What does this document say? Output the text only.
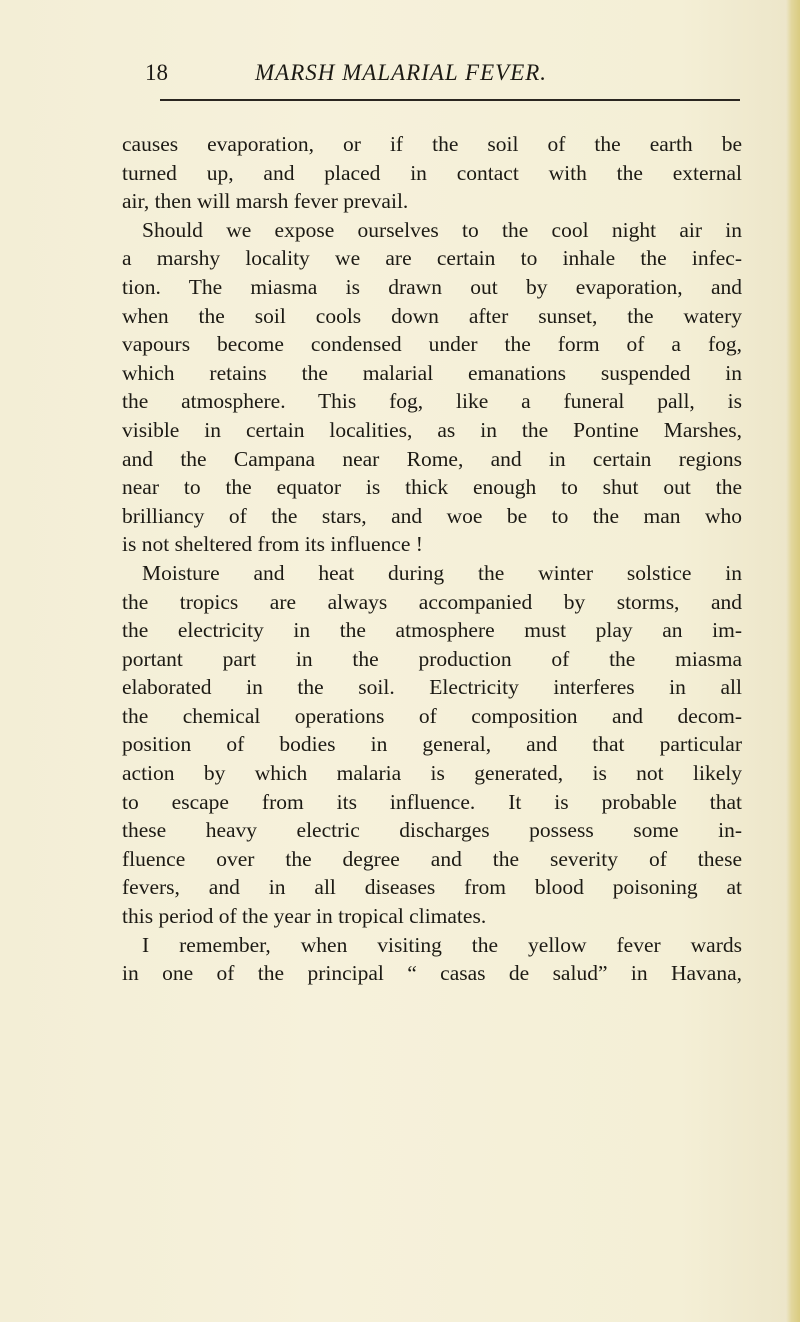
18	MARSH MALARIAL FEVER.
causes evaporation, or if the soil of the earth be
turned up, and placed in contact with the external
air, then will marsh fever prevail.
Should we expose ourselves to the cool night air in
a marshy locality we are certain to inhale the infec-
tion. The miasma is drawn out by evaporation, and
when the soil cools down after sunset, the watery
vapours become condensed under the form of a fog,
which retains the malarial emanations suspended in
the atmosphere. This fog, like a funeral pall, is
visible in certain localities, as in the Pontine Marshes,
and the Campana near Rome, and in certain regions
near to the equator is thick enough to shut out the
brilliancy of the stars, and woe be to the man who
is not sheltered from its influence !
Moisture and heat during the winter solstice in
the tropics are always accompanied by storms, and
the electricity in the atmosphere must play an im-
portant part in the production of the miasma
elaborated in the soil. Electricity interferes in all
the chemical operations of composition and decom-
position of bodies in general, and that particular
action by which malaria is generated, is not likely
to escape from its influence. It is probable that
these heavy electric discharges possess some in-
fluence over the degree and the severity of these
fevers, and in all diseases from blood poisoning at
this period of the year in tropical climates.
I remember, when visiting the yellow fever wards
in one of the principal “ casas de salud” in Havana,
